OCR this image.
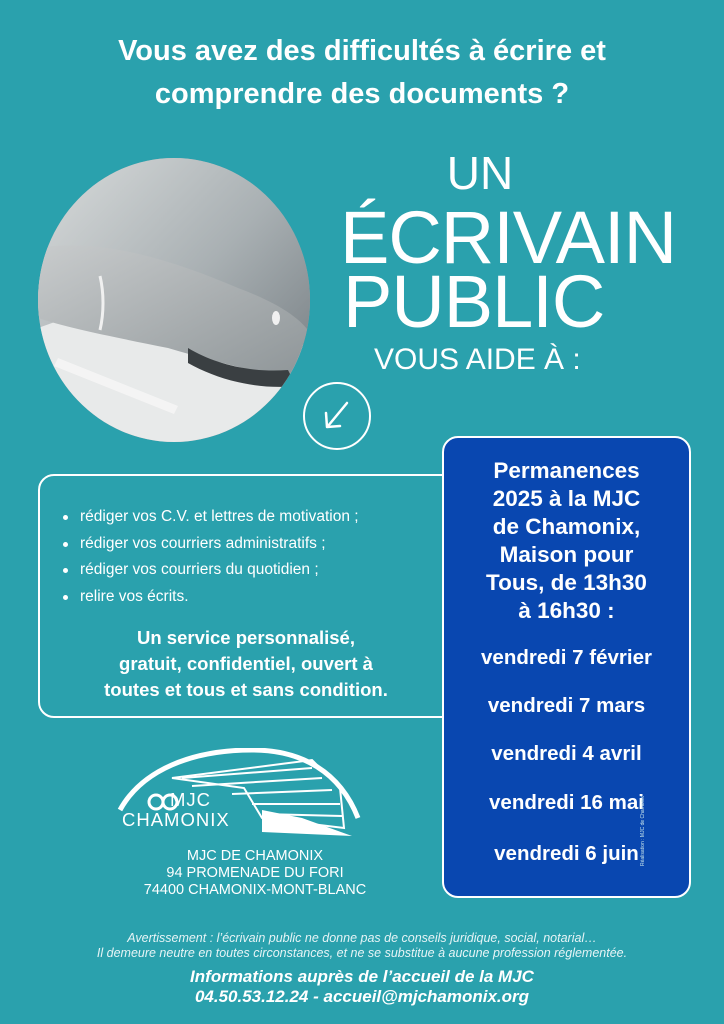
Vous avez des difficultés à écrire et
comprendre des documents ?
UN
ÉCRIVAIN
PUBLIC
VOUS AIDE À :
rédiger vos C.V. et lettres de motivation ;
rédiger vos courriers administratifs ;
rédiger vos courriers du quotidien ;
relire vos écrits.
Un service personnalisé,
gratuit, confidentiel, ouvert à
toutes et tous et sans condition.
Permanences
2025 à la MJC
de Chamonix,
Maison pour
Tous, de 13h30
à 16h30 :
vendredi 7 février
vendredi 7 mars
vendredi 4 avril
vendredi 16 mai
vendredi 6 juin
MJC
CHAMONIX
MJC DE CHAMONIX
94 PROMENADE DU FORI
74400 CHAMONIX-MONT-BLANC
Avertissement : l’écrivain public ne donne pas de conseils juridique, social, notarial…
Il demeure neutre en toutes circonstances, et ne se substitue à aucune profession réglementée.
Informations auprès de l’accueil de la MJC
04.50.53.12.24 - accueil@mjchamonix.org
Réalisation : MJC de Chamonix
